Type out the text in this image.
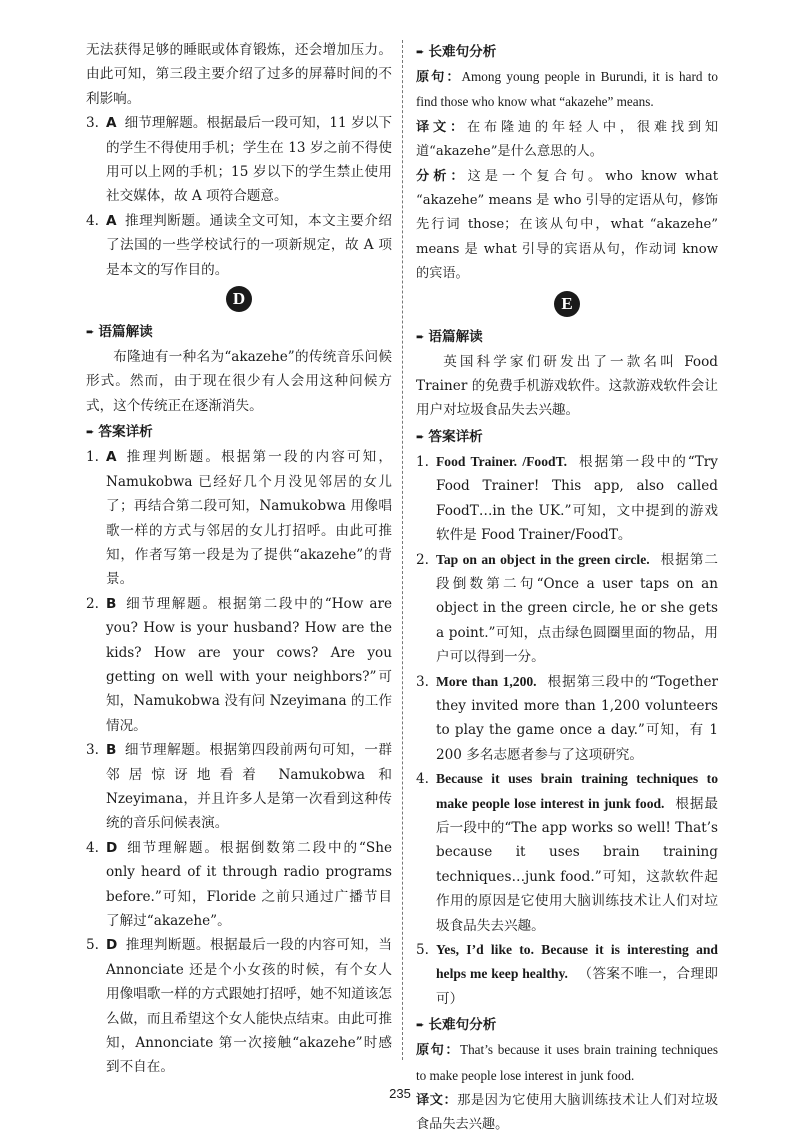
无法获得足够的睡眠或体育锻炼，还会增加压力。由此可知，第三段主要介绍了过多的屏幕时间的不利影响。

3. A 细节理解题。根据最后一段可知，11 岁以下的学生不得使用手机；学生在 13 岁之前不得使用可以上网的手机；15 岁以下的学生禁止使用社交媒体，故 A 项符合题意。

4. A 推理判断题。通读全文可知，本文主要介绍了法国的一些学校试行的一项新规定，故 A 项是本文的写作目的。

D
➨ 语篇解读

布隆迪有一种名为“akazehe”的传统音乐问候形式。然而，由于现在很少有人会用这种问候方式，这个传统正在逐渐消失。

➨ 答案详析

1. A 推理判断题。根据第一段的内容可知，Namukobwa 已经好几个月没见邻居的女儿了；再结合第二段可知，Namukobwa 用像唱歌一样的方式与邻居的女儿打招呼。由此可推知，作者写第一段是为了提供“akazehe”的背景。

2. B 细节理解题。根据第二段中的“How are you? How is your husband? How are the kids? How are your cows? Are you getting on well with your neighbors?”可知，Namukobwa 没有问 Nzeyimana 的工作情况。

3. B 细节理解题。根据第四段前两句可知，一群邻居惊讶地看着 Namukobwa 和 Nzeyimana，并且许多人是第一次看到这种传统的音乐问候表演。

4. D 细节理解题。根据倒数第二段中的“She only heard of it through radio programs before.”可知，Floride 之前只通过广播节目了解过“akazehe”。

5. D 推理判断题。根据最后一段的内容可知，当 Annonciate 还是个小女孩的时候，有个女人用像唱歌一样的方式跟她打招呼，她不知道该怎么做，而且希望这个女人能快点结束。由此可推知，Annonciate 第一次接触“akazehe”时感到不自在。

➨ 长难句分析

原句：Among young people in Burundi, it is hard to find those who know what “akazehe” means.

译文：在布隆迪的年轻人中，很难找到知道“akazehe”是什么意思的人。

分析：这是一个复合句。who know what “akazehe” means 是 who 引导的定语从句，修饰先行词 those；在该从句中，what “akazehe” means 是 what 引导的宾语从句，作动词 know 的宾语。

E
➨ 语篇解读

英国科学家们研发出了一款名叫 Food Trainer 的免费手机游戏软件。这款游戏软件会让用户对垃圾食品失去兴趣。

➨ 答案详析

1. Food Trainer. /FoodT. 根据第一段中的“Try Food Trainer! This app, also called FoodT…in the UK.”可知，文中提到的游戏软件是 Food Trainer/FoodT。

2. Tap on an object in the green circle. 根据第二段倒数第二句“Once a user taps on an object in the green circle, he or she gets a point.”可知，点击绿色圆圈里面的物品，用户可以得到一分。

3. More than 1,200. 根据第三段中的“Together they invited more than 1,200 volunteers to play the game once a day.”可知，有 1 200 多名志愿者参与了这项研究。

4. Because it uses brain training techniques to make people lose interest in junk food. 根据最后一段中的“The app works so well! That’s because it uses brain training techniques…junk food.”可知，这款软件起作用的原因是它使用大脑训练技术让人们对垃圾食品失去兴趣。

5. Yes, I’d like to. Because it is interesting and helps me keep healthy. （答案不唯一，合理即可）

➨ 长难句分析

原句：That’s because it uses brain training techniques to make people lose interest in junk food.

译文：那是因为它使用大脑训练技术让人们对垃圾食品失去兴趣。

235
